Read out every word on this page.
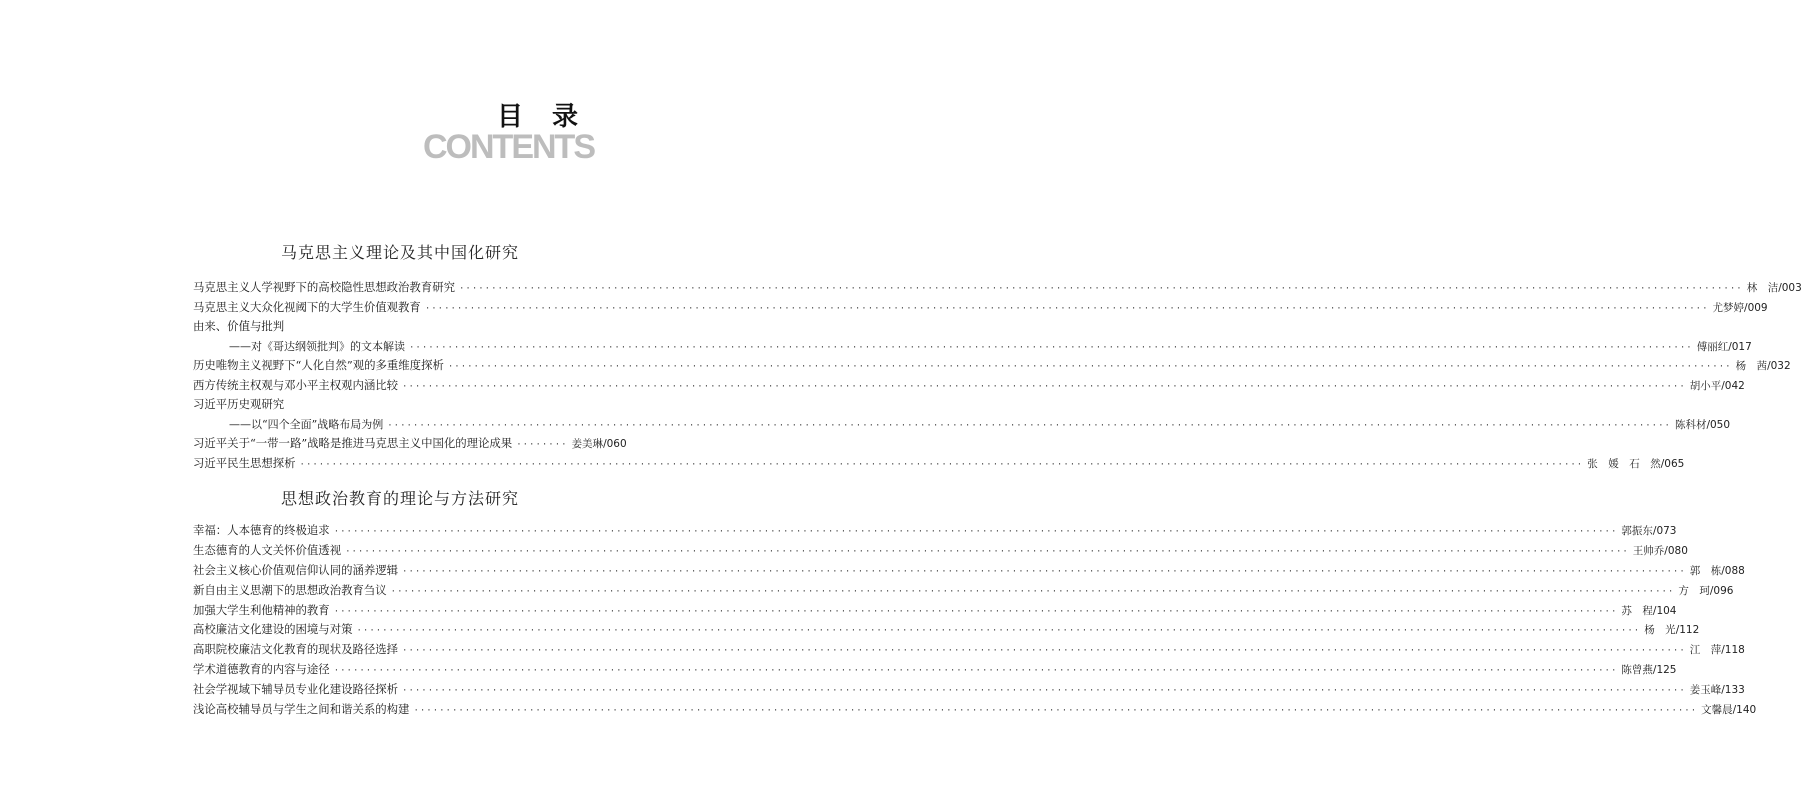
目 录
CONTENTS
马克思主义理论及其中国化研究
马克思主义人学视野下的高校隐性思想政治教育研究 ········································································································································································································ 林　洁 /003
马克思主义大众化视阈下的大学生价值观教育 ········································································································································································································ 尤梦婷 /009
由来、价值与批判
——对《哥达纲领批判》的文本解读 ········································································································································································································ 傅丽红 /017
历史唯物主义视野下“人化自然”观的多重维度探析 ········································································································································································································ 杨　茜 /032
西方传统主权观与邓小平主权观内涵比较 ········································································································································································································ 胡小平 /042
习近平历史观研究
——以“四个全面”战略布局为例 ········································································································································································································ 陈科材 /050
习近平关于“一带一路”战略是推进马克思主义中国化的理论成果 ········ 姜美琳 /060
习近平民生思想探析 ········································································································································································································ 张　媛　石　然 /065
思想政治教育的理论与方法研究
幸福：人本德育的终极追求 ········································································································································································································ 郭振东 /073
生态德育的人文关怀价值透视 ········································································································································································································ 王帅乔 /080
社会主义核心价值观信仰认同的涵养逻辑 ········································································································································································································ 郭　栋 /088
新自由主义思潮下的思想政治教育刍议 ········································································································································································································ 方　珂 /096
加强大学生利他精神的教育 ········································································································································································································ 苏　程 /104
高校廉洁文化建设的困境与对策 ········································································································································································································ 杨　光 /112
高职院校廉洁文化教育的现状及路径选择 ········································································································································································································ 江　萍 /118
学术道德教育的内容与途径 ········································································································································································································ 陈曾燕 /125
社会学视域下辅导员专业化建设路径探析 ········································································································································································································ 姜玉峰 /133
浅论高校辅导员与学生之间和谐关系的构建 ········································································································································································································ 文馨晨 /140
